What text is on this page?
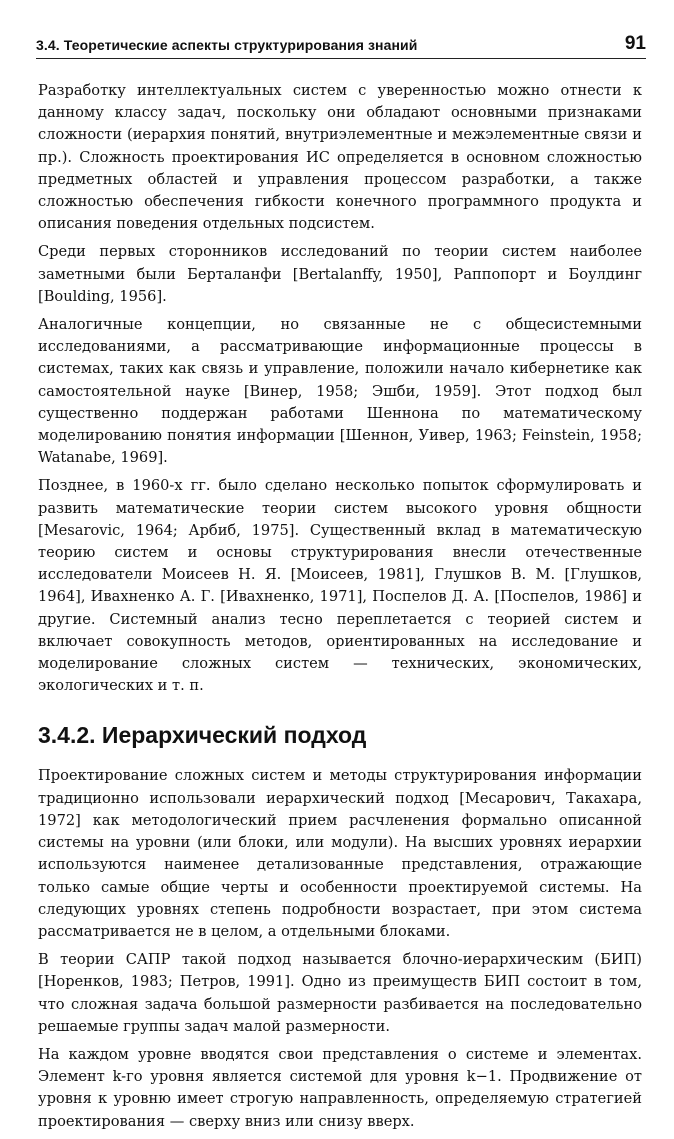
3.4. Теоретические аспекты структурирования знаний	91

Разработку интеллектуальных систем с уверенностью можно отнести к данному классу задач, поскольку они обладают основными признаками сложности (иерархия понятий, внутриэлементные и межэлементные связи и пр.). Сложность проектирования ИС определяется в основном сложностью предметных областей и управления процессом разработки, а также сложностью обеспечения гибкости конечного программного продукта и описания поведения отдельных подсистем.

Среди первых сторонников исследований по теории систем наиболее заметными были Берталанфи [Bertalanffy, 1950], Раппопорт и Боулдинг [Boulding, 1956].

Аналогичные концепции, но связанные не с общесистемными исследованиями, а рассматривающие информационные процессы в системах, таких как связь и управление, положили начало кибернетике как самостоятельной науке [Винер, 1958; Эшби, 1959]. Этот подход был существенно поддержан работами Шеннона по математическому моделированию понятия информации [Шеннон, Уивер, 1963; Feinstein, 1958; Watanabe, 1969].

Позднее, в 1960-х гг. было сделано несколько попыток сформулировать и развить математические теории систем высокого уровня общности [Mesarovic, 1964; Арбиб, 1975]. Существенный вклад в математическую теорию систем и основы структурирования внесли отечественные исследователи Моисеев Н. Я. [Моисеев, 1981], Глушков В. М. [Глушков, 1964], Ивахненко А. Г. [Ивахненко, 1971], Поспелов Д. А. [Поспелов, 1986] и другие. Системный анализ тесно переплетается с теорией систем и включает совокупность методов, ориентированных на исследование и моделирование сложных систем — технических, экономических, экологических и т. п.

3.4.2. Иерархический подход

Проектирование сложных систем и методы структурирования информации традиционно использовали иерархический подход [Месарович, Такахара, 1972] как методологический прием расчленения формально описанной системы на уровни (или блоки, или модули). На высших уровнях иерархии используются наименее детализованные представления, отражающие только самые общие черты и особенности проектируемой системы. На следующих уровнях степень подробности возрастает, при этом система рассматривается не в целом, а отдельными блоками.

В теории САПР такой подход называется блочно-иерархическим (БИП) [Норенков, 1983; Петров, 1991]. Одно из преимуществ БИП состоит в том, что сложная задача большой размерности разбивается на последовательно решаемые группы задач малой размерности.

На каждом уровне вводятся свои представления о системе и элементах. Элемент k-го уровня является системой для уровня k−1. Продвижение от уровня к уровню имеет строгую направленность, определяемую стратегией проектирования — сверху вниз или снизу вверх.
